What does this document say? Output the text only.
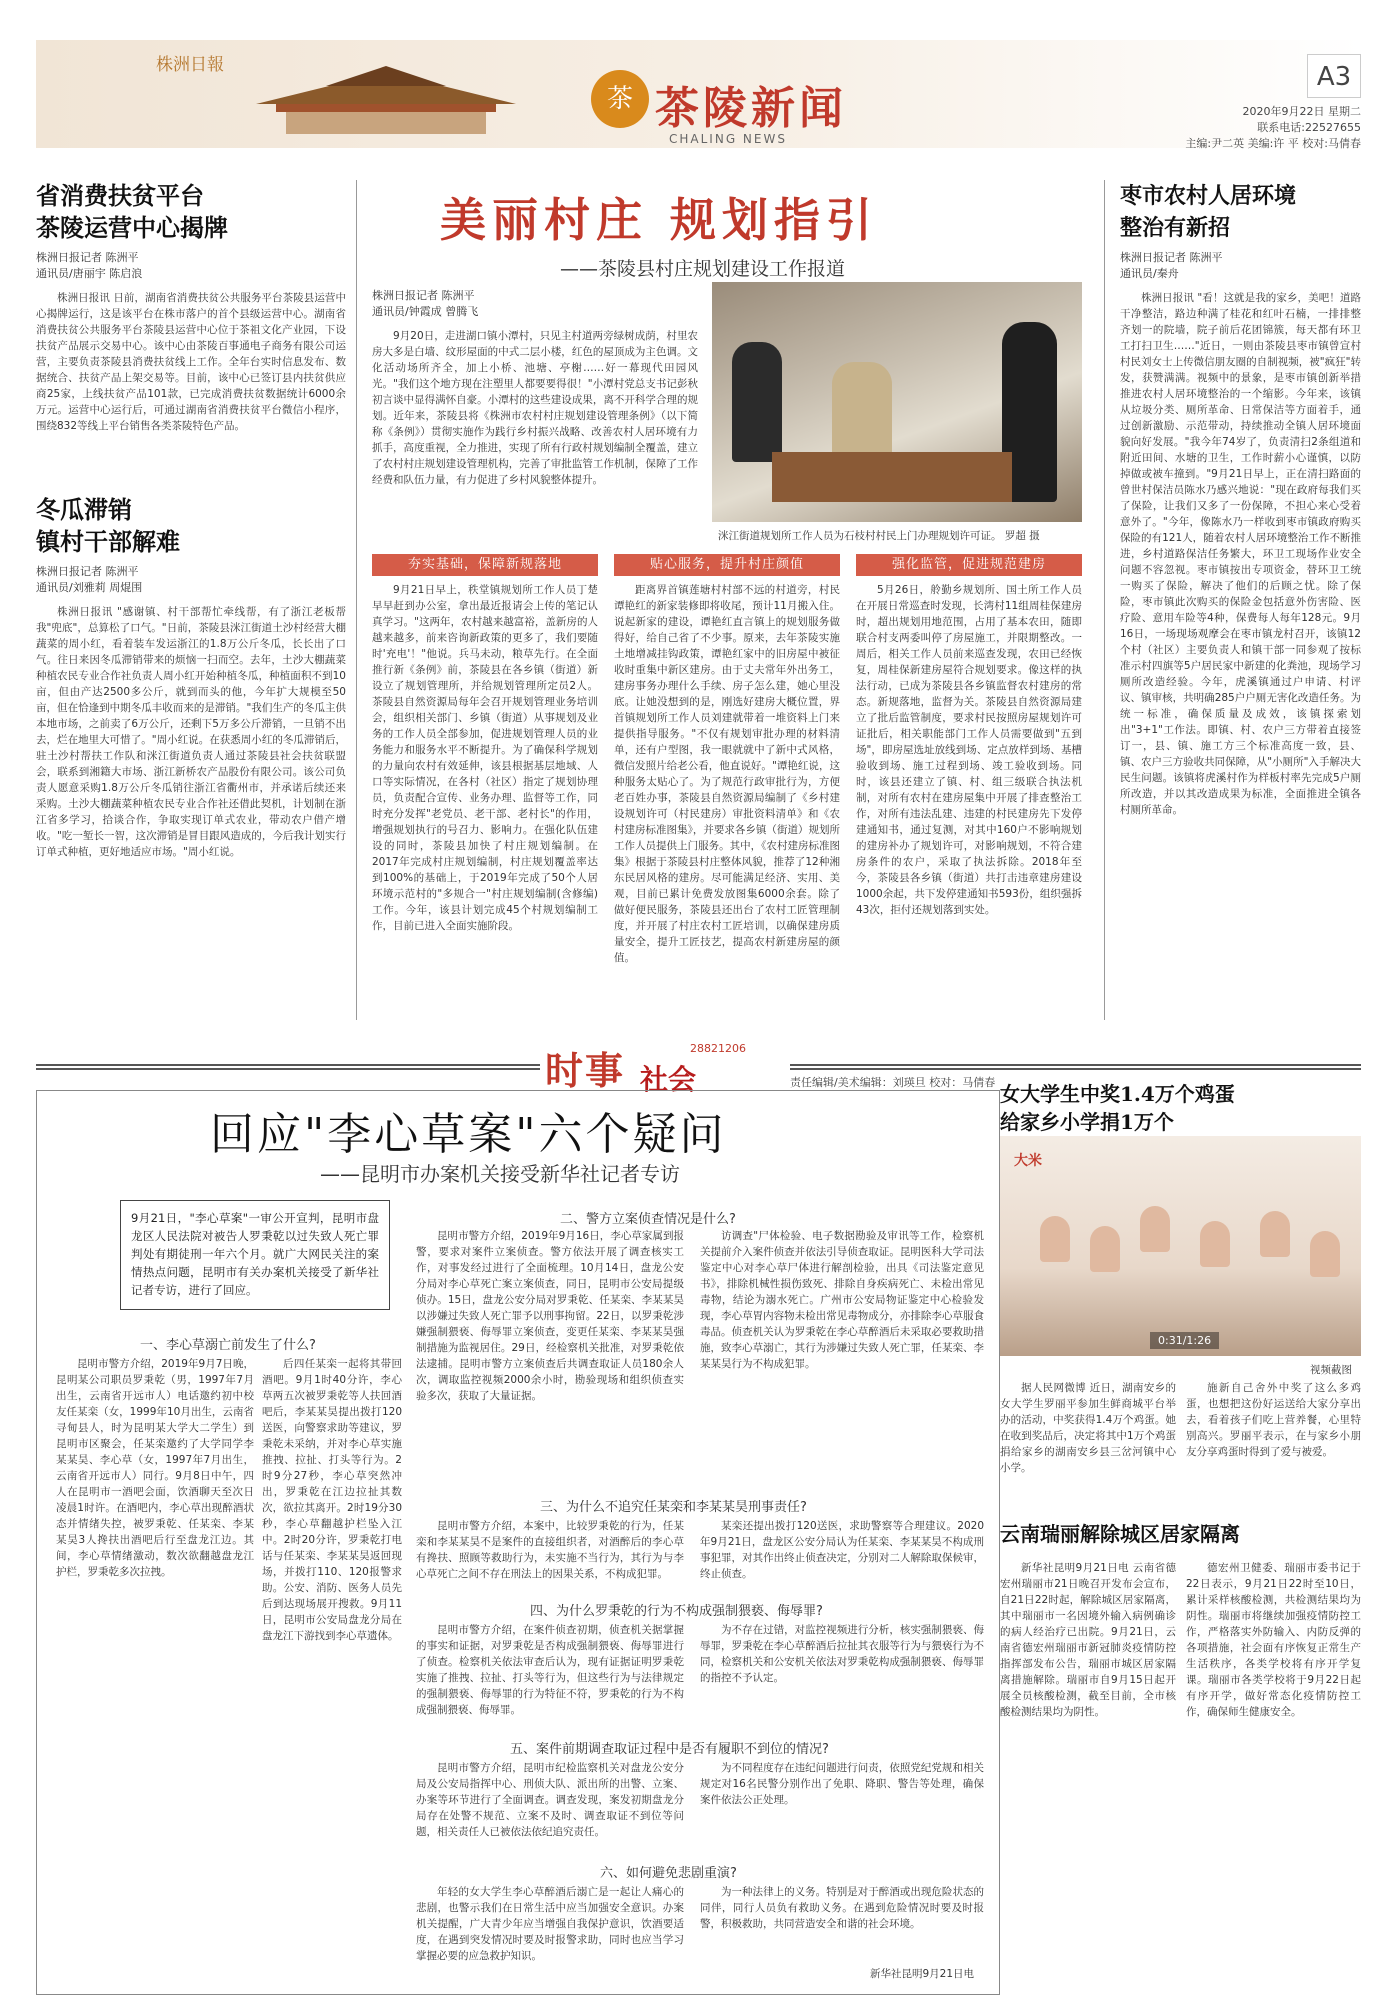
株洲日報
茶 茶陵新闻
CHALING NEWS
A3
2020年9月22日 星期二
联系电话:22527655
主编:尹二英 美编:许 平 校对:马倩春
省消费扶贫平台
茶陵运营中心揭牌
株洲日报记者 陈洲平
通讯员/唐丽宇 陈启浪
株洲日报讯 日前，湖南省消费扶贫公共服务平台茶陵县运营中心揭牌运行，这是该平台在株市落户的首个县级运营中心。湖南省消费扶贫公共服务平台茶陵县运营中心位于茶祖文化产业园，下设扶贫产品展示交易中心。该中心由茶陵百事通电子商务有限公司运营，主要负责茶陵县消费扶贫线上工作。全年台实时信息发布、数据统合、扶贫产品上架交易等。目前，该中心已签订县内扶贫供应商25家，上线扶贫产品101款，已完成消费扶贫数据统计6000余万元。运营中心运行后，可通过湖南省消费扶贫平台微信小程序，围绕832等线上平台销售各类茶陵特色产品。
冬瓜滞销
镇村干部解难
株洲日报记者 陈洲平
通讯员/刘雅莉 周焜围
株洲日报讯 "感谢镇、村干部帮忙牵线帮，有了浙江老板帮我"兜底"，总算松了口气。"日前，茶陵县洣江街道土沙村经营大棚蔬菜的周小红，看着装车发运浙江的1.8万公斤冬瓜，长长出了口气。往日来因冬瓜滞销带来的烦恼一扫而空。去年，土沙大棚蔬菜种植农民专业合作社负责人周小红开始种植冬瓜，种植面积不到10亩，但由产达2500多公斤，就到而头的他，今年扩大规模至50亩，但在恰逢到中期冬瓜丰收而来的是滞销。"我们生产的冬瓜主供本地市场，之前卖了6万公斤，还剩下5万多公斤滞销，一旦销不出去，烂在地里大可惜了。"周小红说。在获悉周小红的冬瓜滞销后，驻土沙村帮扶工作队和洣江街道负责人通过茶陵县社会扶贫联盟会，联系到湘籍大市场、浙江新桥农产品股份有限公司。该公司负责人愿意采购1.8万公斤冬瓜销往浙江省衢州市，并承诺后续还来采购。土沙大棚蔬菜种植农民专业合作社还借此契机，计划制在浙江省多学习，拾谈合作，争取实现订单式农业，带动农户借产增收。"吃一堑长一智，这次滞销是冒目跟风造成的，今后我计划实行订单式种植，更好地适应市场。"周小红说。
美丽村庄 规划指引
——茶陵县村庄规划建设工作报道
株洲日报记者 陈洲平
通讯员/钟霞成 曾腾飞
9月20日，走进湖口镇小潭村，只见主村道两旁绿树成荫，村里农房大多是白墙、纹形屋面的中式二层小楼，红色的屋顶成为主色调。文化活动场所齐全，加上小桥、池塘、亭榭……好一幕现代田园风光。"我们这个地方现在注塑里人都要要得很！"小潭村党总支书记彭秋初言谈中显得满怀自豪。小潭村的这些建设成果，离不开科学合理的规划。近年来，茶陵县将《株洲市农村村庄规划建设管理条例》（以下简称《条例》）贯彻实施作为践行乡村振兴战略、改善农村人居环境有力抓手，高度重视，全力推进，实现了所有行政村规划编制全覆盖，建立了农村村庄规划建设管理机构，完善了审批监管工作机制，保障了工作经费和队伍力量，有力促进了乡村风貌整体提升。
洣江街道规划所工作人员为石枝村村民上门办理规划许可证。 罗超 摄
夯实基础，保障新规落地	贴心服务，提升村庄颜值	强化监管，促进规范建房
9月21日早上，秩堂镇规划所工作人员丁楚早早赶到办公室，拿出最近报请会上传的笔记认真学习。"这两年，农村越来越富裕，盖新房的人越来越多，前来咨询新政策的更多了，我们要随时'充电'！"他说。兵马未动，粮草先行。在全面推行新《条例》前，茶陵县在各乡镇（街道）新设立了规划管理所，并给规划管理所定员2人。茶陵县自然资源局每年会召开规划管理业务培训会，组织相关部门、乡镇（街道）从事规划及业务的工作人员全部参加，促进规划管理人员的业务能力和服务水平不断提升。为了确保科学规划的力量向农村有效延伸，该县根据基层地域、人口等实际情况，在各村（社区）指定了规划协理员，负责配合宣传、业务办理、监督等工作，同时充分发挥"老党员、老干部、老村长"的作用，增强规划执行的号召力、影响力。在强化队伍建设的同时，茶陵县加快了村庄规划编制。在2017年完成村庄规划编制，村庄规划覆盖率达到100%的基础上，于2019年完成了50个人居环境示范村的"多规合一"村庄规划编制(含修编)工作。今年，该县计划完成45个村规划编制工作，目前已进入全面实施阶段。
距离界首镇莲塘村村部不远的村道旁，村民谭艳红的新家装修即将收尾，预计11月搬入住。说起新家的建设，谭艳红直言镇上的规划服务做得好，给自己省了不少事。原来，去年茶陵实施土地增减挂钩政策，谭艳红家中的旧房屋中被征收时重集中新区建房。由于丈夫常年外出务工，建房事务办理什么手续、房子怎么建，她心里没底。让她没想到的是，刚选好建房大概位置，界首镇规划所工作人员刘建就带着一堆资料上门来提供指导服务。"不仅有规划审批办理的材料清单，还有户型图，我一眼就就中了新中式风格，微信发照片给老公看，他直说好。"谭艳红说，这种服务太贴心了。为了规范行政审批行为，方便老百姓办事，茶陵县自然资源局编制了《乡村建设规划许可（村民建房）审批资料清单》和《农村建房标准图集》，并要求各乡镇（街道）规划所工作人员提供上门服务。其中，《农村建房标准图集》根据于茶陵县村庄整体风貌，推荐了12种湘东民居风格的建房。尽可能满足经济、实用、美观，目前已累计免费发放图集6000余套。除了做好便民服务，茶陵县还出台了农村工匠管理制度，并开展了村庄农村工匠培训，以确保建房质量安全，提升工匠技艺，提高农村新建房屋的颜值。
5月26日，舲勤乡规划所、国土所工作人员在开展日常巡查时发现，长湾村11组周桂保建房时，超出规划用地范围，占用了基本农田，随即联合村支两委叫停了房屋施工，并限期整改。一周后，相关工作人员前来巡查发现，农田已经恢复，周桂保新建房屋符合规划要求。像这样的执法行动，已成为茶陵县各乡镇监督农村建房的常态。新规落地，监督为关。茶陵县自然资源局建立了批后监管制度，要求村民按照房屋规划许可证批后，相关职能部门工作人员需要做到"五到场"，即房屋选址放线到场、定点放样到场、基槽验收到场、施工过程到场、竣工验收到场。同时，该县还建立了镇、村、组三级联合执法机制，对所有农村在建房屋集中开展了排查整治工作，对所有违法乱建、违建的村民建房先下发停建通知书，通过复测，对其中160户不影响规划的建房补办了规划许可，对影响规划，不符合建房条件的农户，采取了执法拆除。2018年至今，茶陵县各乡镇（街道）共打击违章建房建设1000余起，共下发停建通知书593份，组织强拆43次，拒付还规划落到实处。
枣市农村人居环境
整治有新招
株洲日报记者 陈洲平
通讯员/秦舟
株洲日报讯 "看！这就是我的家乡，美吧！道路干净整洁，路边种满了桂花和红叶石楠，一排排整齐划一的院墙，院子前后花团锦簇，每天都有环卫工打扫卫生……"近日，一则由茶陵县枣市镇曾宣村村民刘女士上传微信朋友圈的自制视频，被"疯狂"转发，获赞满满。视频中的景象，是枣市镇创新举措推进农村人居环境整治的一个缩影。今年来，该镇从垃圾分类、厕所革命、日常保洁等方面着手，通过创新激励、示范带动，持续推动全镇人居环境面貌向好发展。"我今年74岁了，负责清扫2条组道和附近田间、水塘的卫生，工作时薪小心谨慎，以防掉做或被车撞到。"9月21日早上，正在清扫路面的曾世村保洁员陈水乃感兴地说："现在政府每我们买了保险，让我们又多了一份保障，不担心来心受着意外了。"今年，像陈水乃一样收到枣市镇政府购买保险的有121人，随着农村人居环境整治工作不断推进，乡村道路保洁任务繁大，环卫工现场作业安全问题不容忽视。枣市镇按出专项资金，替环卫工统一购买了保险，解决了他们的后顾之忧。除了保险，枣市镇此次购买的保险金包括意外伤害险、医疗险、意用车险等4种，保费每人每年128元。9月16日，一场现场观摩会在枣市镇龙村召开，该镇12个村（社区）主要负责人和镇干部一同参观了按标准示村四旗等5户居民家中新建的化粪池，现场学习厕所改造经验。今年，虎溪镇通过户申请、村评议、镇审核，共明确285户户厕无害化改造任务。为统一标准，确保质量及成效，该镇探索划出"3+1"工作法。即镇、村、农户三方带着直接签订一，县、镇、施工方三个标准高度一致，县、镇、农户三方验收共同保障，从"小厕所"入手解决大民生问题。该镇将虎溪村作为样板村率先完成5户厕所改造，并以其改造成果为标准，全面推进全镇各村厕所革命。
时事 社会
28821206
责任编辑/美术编辑：刘瑛旦 校对：马倩春
回应"李心草案"六个疑问
——昆明市办案机关接受新华社记者专访
9月21日，"李心草案"一审公开宣判，昆明市盘龙区人民法院对被告人罗秉乾以过失致人死亡罪判处有期徒刑一年六个月。就广大网民关注的案情热点问题，昆明市有关办案机关接受了新华社记者专访，进行了回应。
二、警方立案侦查情况是什么?
昆明市警方介绍，2019年9月16日，李心草家属到报警，要求对案件立案侦查。警方依法开展了调查核实工作，对事发经过进行了全面梳理。10月14日，盘龙公安分局对李心草死亡案立案侦查，同日，昆明市公安局提级侦办。15日，盘龙公安分局对罗秉乾、任某栾、李某某昊以涉嫌过失致人死亡罪予以刑事拘留。22日，以罗秉乾涉嫌强制猥亵、侮辱罪立案侦查，变更任某栾、李某某昊强制措施为监视居住。29日，经检察机关批准，对罗秉乾依法逮捕。昆明市警方立案侦查后共调查取证人员180余人次，调取监控视频2000余小时，勘验现场和组织侦查实验多次，获取了大量证据。
访调查"尸体检验、电子数据勘验及审讯等工作，检察机关提前介入案件侦查并依法引导侦查取证。昆明医科大学司法鉴定中心对李心草尸体进行解剖检验，出具《司法鉴定意见书》，排除机械性损伤致死、排除自身疾病死亡、未检出常见毒物，结论为溺水死亡。广州市公安局物证鉴定中心检验发现，李心草胃内容物未检出常见毒物成分，亦排除李心草服食毒品。侦查机关认为罗秉乾在李心草醉酒后未采取必要救助措施，致李心草溺亡，其行为涉嫌过失致人死亡罪，任某栾、李某某昊行为不构成犯罪。
一、李心草溺亡前发生了什么?
昆明市警方介绍，2019年9月7日晚，昆明某公司职员罗秉乾（男，1997年7月出生，云南省开远市人）电话邀约初中校友任某栾（女，1999年10月出生，云南省寻甸县人，时为昆明某大学大二学生）到昆明市区聚会，任某栾邀约了大学同学李某某昊、李心草（女，1997年7月出生，云南省开远市人）同行。9月8日中午，四人在昆明市一酒吧会面，饮酒聊天至次日凌晨1时许。在酒吧内，李心草出现醉酒状态并情绪失控，被罗秉乾、任某栾、李某某昊3人搀扶出酒吧后行至盘龙江边。其间，李心草情绪激动，数次欲翻越盘龙江护栏，罗秉乾多次拉拽。
后四任某栾一起将其带回酒吧。9月1时40分许，李心草两五次被罗秉乾等人扶回酒吧后，李某某昊提出拨打120送医，向警察求助等建议，罗秉乾未采纳，并对李心草实施推拽、拉扯、打头等行为。2时9分27秒，李心草突然冲出，罗秉乾在江边拉扯其数次，欲拉其离开。2时19分30秒，李心草翻越护栏坠入江中。2时20分许，罗秉乾打电话与任某栾、李某某昊返回现场，并拨打110、120报警求助。公安、消防、医务人员先后到达现场展开搜救。9月11日，昆明市公安局盘龙分局在盘龙江下游找到李心草遗体。
三、为什么不追究任某栾和李某某昊刑事责任?
昆明市警方介绍，本案中，比较罗秉乾的行为，任某栾和李某某昊不是案件的直接组织者，对酒醉后的李心草有搀扶、照顾等救助行为，未实施不当行为，其行为与李心草死亡之间不存在刑法上的因果关系，不构成犯罪。
某栾还提出拨打120送医，求助警察等合理建议。2020年9月21日，盘龙区公安分局认为任某栾、李某某昊不构成刑事犯罪，对其作出终止侦查决定，分别对二人解除取保候审，终止侦查。
四、为什么罗秉乾的行为不构成强制猥亵、侮辱罪?
昆明市警方介绍，在案件侦查初期，侦查机关据掌握的事实和证据，对罗秉乾是否构成强制猥亵、侮辱罪进行了侦查。检察机关依法审查后认为，现有证据证明罗秉乾实施了推拽、拉扯、打头等行为，但这些行为与法律规定的强制猥亵、侮辱罪的行为特征不符，罗秉乾的行为不构成强制猥亵、侮辱罪。
为不存在过错，对监控视频进行分析，核实强制猥亵、侮辱罪，罗秉乾在李心草醉酒后拉扯其衣服等行为与猥亵行为不同，检察机关和公安机关依法对罗秉乾构成强制猥亵、侮辱罪的指控不予认定。
五、案件前期调查取证过程中是否有履职不到位的情况?
昆明市警方介绍，昆明市纪检监察机关对盘龙公安分局及公安局指挥中心、刑侦大队、派出所的出警、立案、办案等环节进行了全面调查。调查发现，案发初期盘龙分局存在处警不规范、立案不及时、调查取证不到位等问题，相关责任人已被依法依纪追究责任。
为不同程度存在违纪问题进行问责，依照党纪党规和相关规定对16名民警分别作出了免职、降职、警告等处理，确保案件依法公正处理。
六、如何避免悲剧重演?
年轻的女大学生李心草醉酒后溺亡是一起让人痛心的悲剧，也警示我们在日常生活中应当加强安全意识。办案机关提醒，广大青少年应当增强自我保护意识，饮酒要适度，在遇到突发情况时要及时报警求助，同时也应当学习掌握必要的应急救护知识。
为一种法律上的义务。特别是对于醉酒或出现危险状态的同伴，同行人员负有救助义务。在遇到危险情况时要及时报警，积极救助，共同营造安全和谐的社会环境。
新华社昆明9月21日电
女大学生中奖1.4万个鸡蛋
给家乡小学捐1万个
大米
0:31/1:26
视频截图
据人民网微博 近日，湖南安乡的女大学生罗丽平参加生鲜商城平台举办的活动，中奖获得1.4万个鸡蛋。她在收到奖品后，决定将其中1万个鸡蛋捐给家乡的湖南安乡县三岔河镇中心小学。
施新自己舍外中奖了这么多鸡蛋，也想把这份好运送给大家分享出去，看着孩子们吃上营养餐，心里特别高兴。罗丽平表示，在与家乡小朋友分享鸡蛋时得到了爱与被爱。
云南瑞丽解除城区居家隔离
新华社昆明9月21日电 云南省德宏州瑞丽市21日晚召开发布会宣布，自21日22时起，解除城区居家隔离，其中瑞丽市一名因境外输入病例确诊的病人经治疗已出院。9月21日，云南省德宏州瑞丽市新冠肺炎疫情防控指挥部发布公告，瑞丽市城区居家隔离措施解除。瑞丽市自9月15日起开展全员核酸检测，截至目前，全市核酸检测结果均为阴性。
德宏州卫健委、瑞丽市委书记于22日表示，9月21日22时至10日，累计采样核酸检测，共检测结果均为阴性。瑞丽市将继续加强疫情防控工作，严格落实外防输入、内防反弹的各项措施，社会面有序恢复正常生产生活秩序，各类学校将有序开学复课。瑞丽市各类学校将于9月22日起有序开学，做好常态化疫情防控工作，确保师生健康安全。
